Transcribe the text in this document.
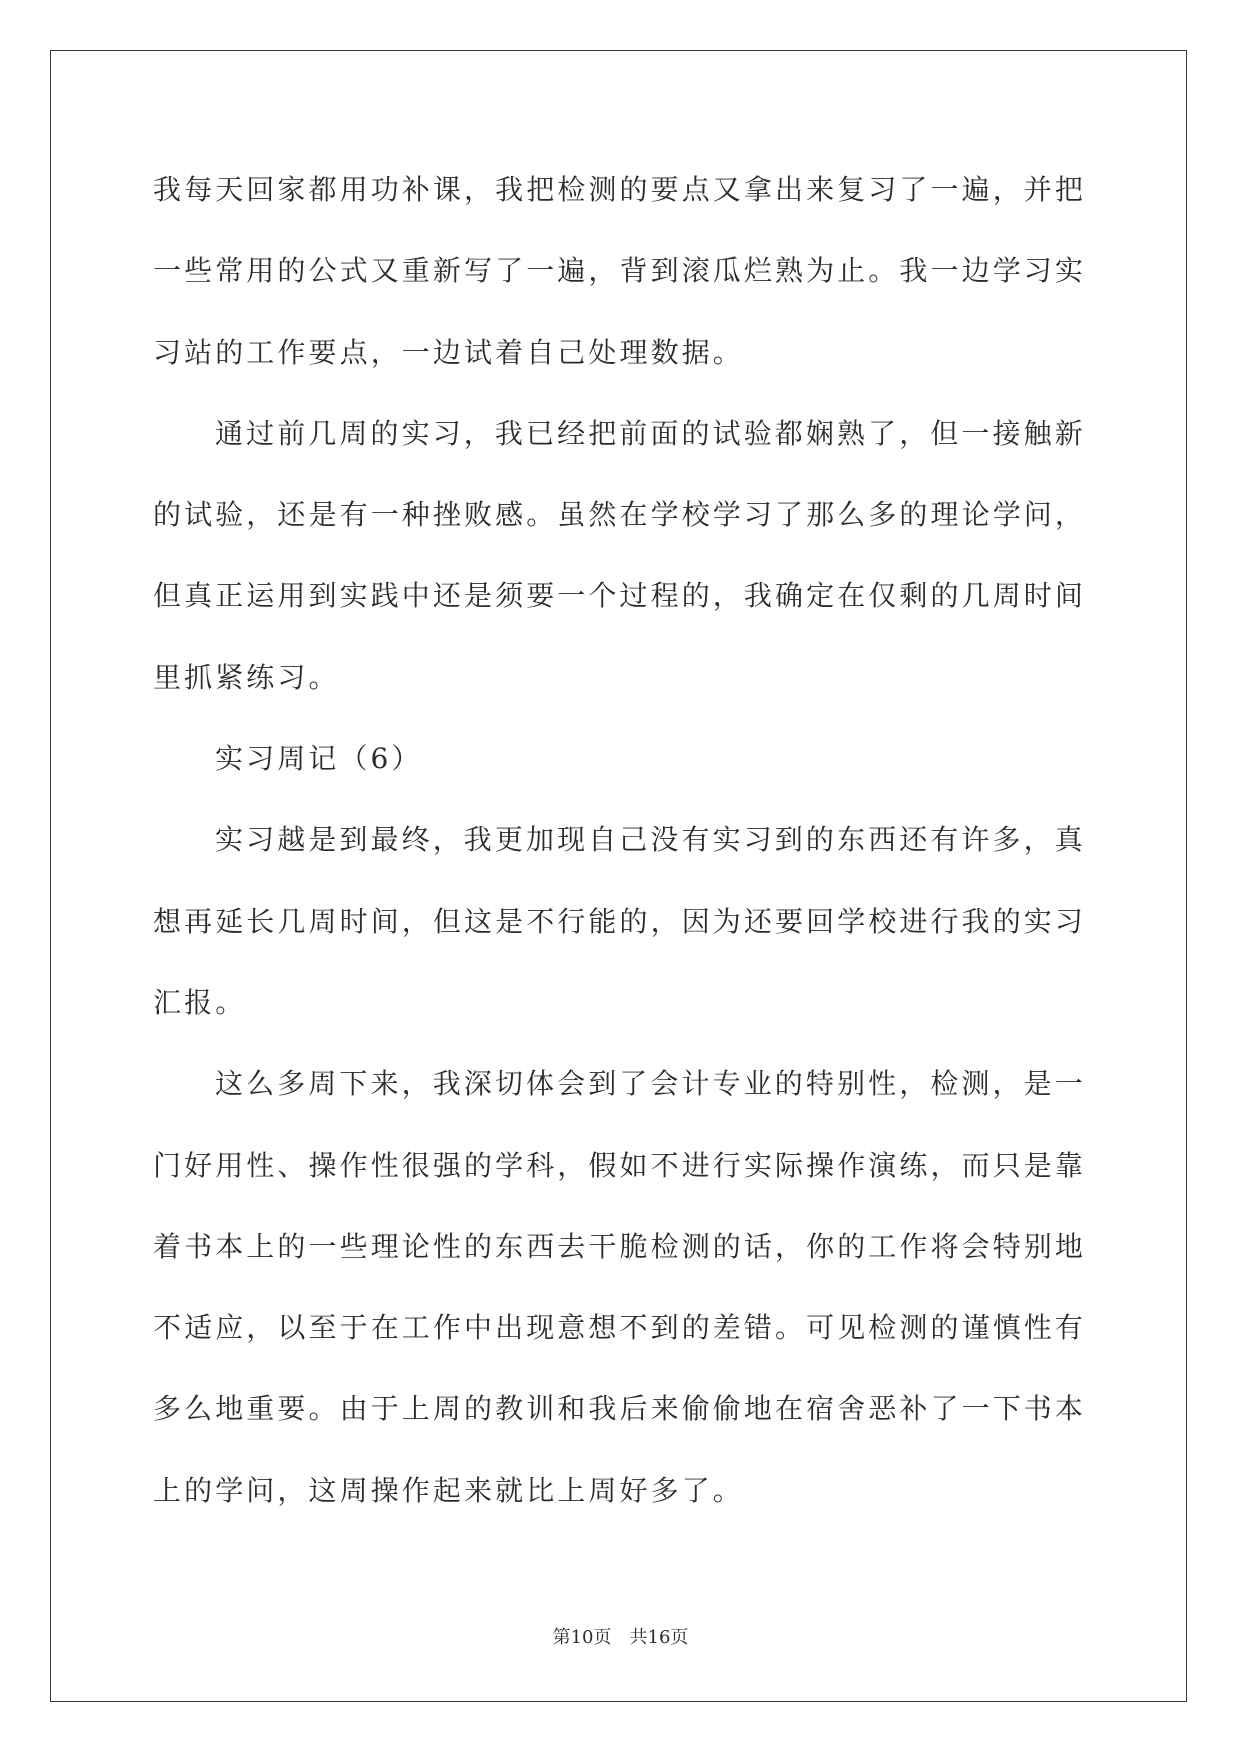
我每天回家都用功补课，我把检测的要点又拿出来复习了一遍，并把
一些常用的公式又重新写了一遍，背到滚瓜烂熟为止。我一边学习实
习站的工作要点，一边试着自己处理数据。
通过前几周的实习，我已经把前面的试验都娴熟了，但一接触新
的试验，还是有一种挫败感。虽然在学校学习了那么多的理论学问，
但真正运用到实践中还是须要一个过程的，我确定在仅剩的几周时间
里抓紧练习。
实习周记（6）
实习越是到最终，我更加现自己没有实习到的东西还有许多，真
想再延长几周时间，但这是不行能的，因为还要回学校进行我的实习
汇报。
这么多周下来，我深切体会到了会计专业的特别性，检测，是一
门好用性、操作性很强的学科，假如不进行实际操作演练，而只是靠
着书本上的一些理论性的东西去干脆检测的话，你的工作将会特别地
不适应，以至于在工作中出现意想不到的差错。可见检测的谨慎性有
多么地重要。由于上周的教训和我后来偷偷地在宿舍恶补了一下书本
上的学问，这周操作起来就比上周好多了。
第10页　共16页
